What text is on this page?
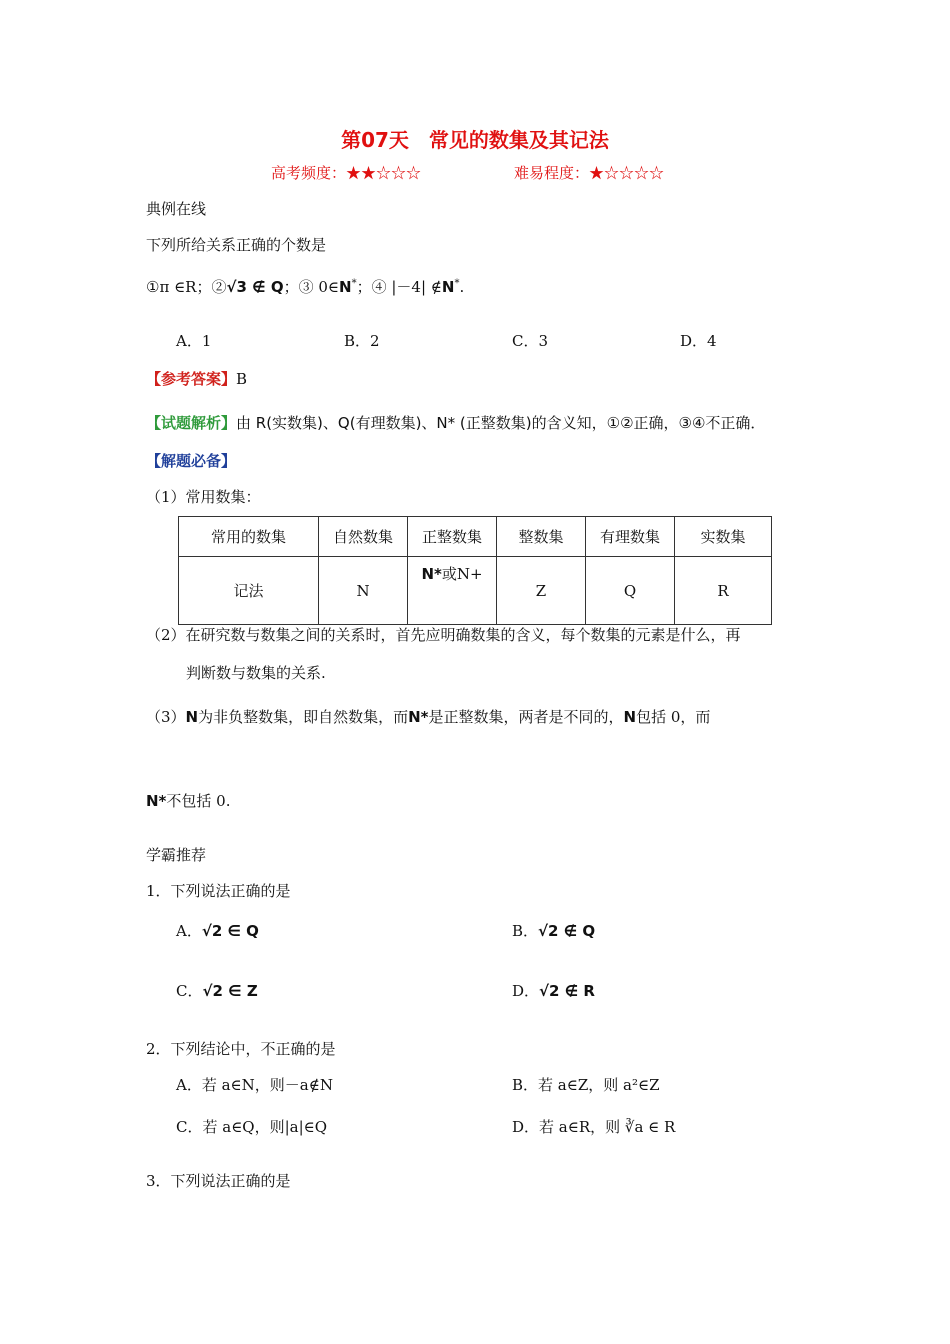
第07天　常见的数集及其记法
高考频度：★★☆☆☆	难易程度：★☆☆☆☆
典例在线
下列所给关系正确的个数是
①π ∈R；②√3 ∉ Q；③ 0∈N*；④ |－4| ∉N*.
A．1	B．2	C．3	D．4
【参考答案】B
【试题解析】由 R(实数集)、Q(有理数集)、N* (正整数集)的含义知，①②正确，③④不正确．
【解题必备】
（1）常用数集：
常用的数集	自然数集	正整数集	整数集	有理数集	实数集
记法	N	N*或N+	Z	Q	R
（2）在研究数与数集之间的关系时，首先应明确数集的含义，每个数集的元素是什么，再
判断数与数集的关系.
（3）N为非负整数集，即自然数集，而N*是正整数集，两者是不同的，N包括 0，而
N*不包括 0.
学霸推荐
1．下列说法正确的是
A．√2 ∈ Q	B．√2 ∉ Q
C．√2 ∈ Z	D．√2 ∉ R
2．下列结论中，不正确的是
A．若 a∈N，则－a∉N	B．若 a∈Z，则 a²∈Z
C．若 a∈Q，则|a|∈Q	D．若 a∈R，则 ∛a ∈ R
3．下列说法正确的是
